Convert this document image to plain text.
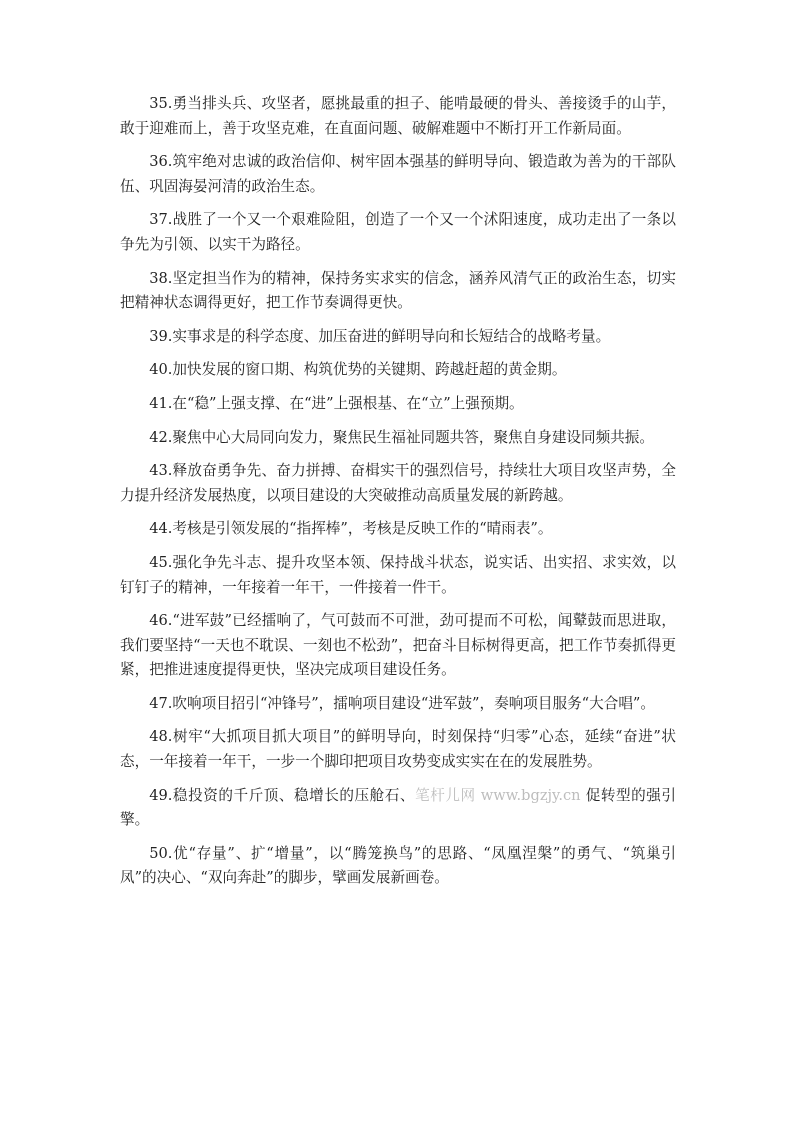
35.勇当排头兵、攻坚者，愿挑最重的担子、能啃最硬的骨头、善接烫手的山芋，敢于迎难而上，善于攻坚克难，在直面问题、破解难题中不断打开工作新局面。

36.筑牢绝对忠诚的政治信仰、树牢固本强基的鲜明导向、锻造敢为善为的干部队伍、巩固海晏河清的政治生态。

37.战胜了一个又一个艰难险阻，创造了一个又一个沭阳速度，成功走出了一条以争先为引领、以实干为路径。

38.坚定担当作为的精神，保持务实求实的信念，涵养风清气正的政治生态，切实把精神状态调得更好，把工作节奏调得更快。

39.实事求是的科学态度、加压奋进的鲜明导向和长短结合的战略考量。

40.加快发展的窗口期、构筑优势的关键期、跨越赶超的黄金期。

41.在“稳”上强支撑、在“进”上强根基、在“立”上强预期。

42.聚焦中心大局同向发力，聚焦民生福祉同题共答，聚焦自身建设同频共振。

43.释放奋勇争先、奋力拼搏、奋楫实干的强烈信号，持续壮大项目攻坚声势，全力提升经济发展热度，以项目建设的大突破推动高质量发展的新跨越。

44.考核是引领发展的“指挥棒”，考核是反映工作的“晴雨表”。

45.强化争先斗志、提升攻坚本领、保持战斗状态，说实话、出实招、求实效，以钉钉子的精神，一年接着一年干，一件接着一件干。

46.“进军鼓”已经擂响了，气可鼓而不可泄，劲可提而不可松，闻鼙鼓而思进取，我们要坚持“一天也不耽误、一刻也不松劲”，把奋斗目标树得更高，把工作节奏抓得更紧，把推进速度提得更快，坚决完成项目建设任务。

47.吹响项目招引“冲锋号”，擂响项目建设“进军鼓”，奏响项目服务“大合唱”。

48.树牢“大抓项目抓大项目”的鲜明导向，时刻保持“归零”心态，延续“奋进”状态，一年接着一年干，一步一个脚印把项目攻势变成实实在在的发展胜势。

49.稳投资的千斤顶、稳增长的压舱石、笔杆儿网 www.bgzjy.cn 促转型的强引擎。

50.优“存量”、扩“增量”，以“腾笼换鸟”的思路、“凤凰涅槃”的勇气、“筑巢引凤”的决心、“双向奔赴”的脚步，擘画发展新画卷。
